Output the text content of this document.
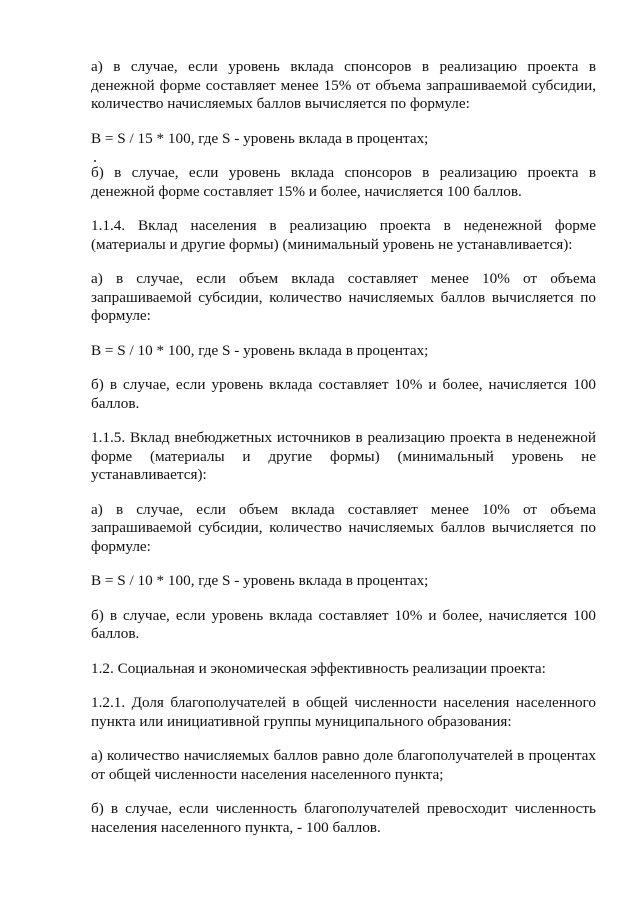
а) в случае, если уровень вклада спонсоров в реализацию проекта в денежной форме составляет менее 15% от объема запрашиваемой субсидии, количество начисляемых баллов вычисляется по формуле:

B = S / 15 * 100, где S - уровень вклада в процентах;

б) в случае, если уровень вклада спонсоров в реализацию проекта в денежной форме составляет 15% и более, начисляется 100 баллов.

1.1.4. Вклад населения в реализацию проекта в неденежной форме (материалы и другие формы) (минимальный уровень не устанавливается):

а) в случае, если объем вклада составляет менее 10% от объема запрашиваемой субсидии, количество начисляемых баллов вычисляется по формуле:

B = S / 10 * 100, где S - уровень вклада в процентах;

б) в случае, если уровень вклада составляет 10% и более, начисляется 100 баллов.

1.1.5. Вклад внебюджетных источников в реализацию проекта в неденежной форме (материалы и другие формы) (минимальный уровень не устанавливается):

а) в случае, если объем вклада составляет менее 10% от объема запрашиваемой субсидии, количество начисляемых баллов вычисляется по формуле:

B = S / 10 * 100, где S - уровень вклада в процентах;

б) в случае, если уровень вклада составляет 10% и более, начисляется 100 баллов.

1.2. Социальная и экономическая эффективность реализации проекта:

1.2.1. Доля благополучателей в общей численности населения населенного пункта или инициативной группы муниципального образования:

а) количество начисляемых баллов равно доле благополучателей в процентах от общей численности населения населенного пункта;

б) в случае, если численность благополучателей превосходит численность населения населенного пункта, - 100 баллов.
